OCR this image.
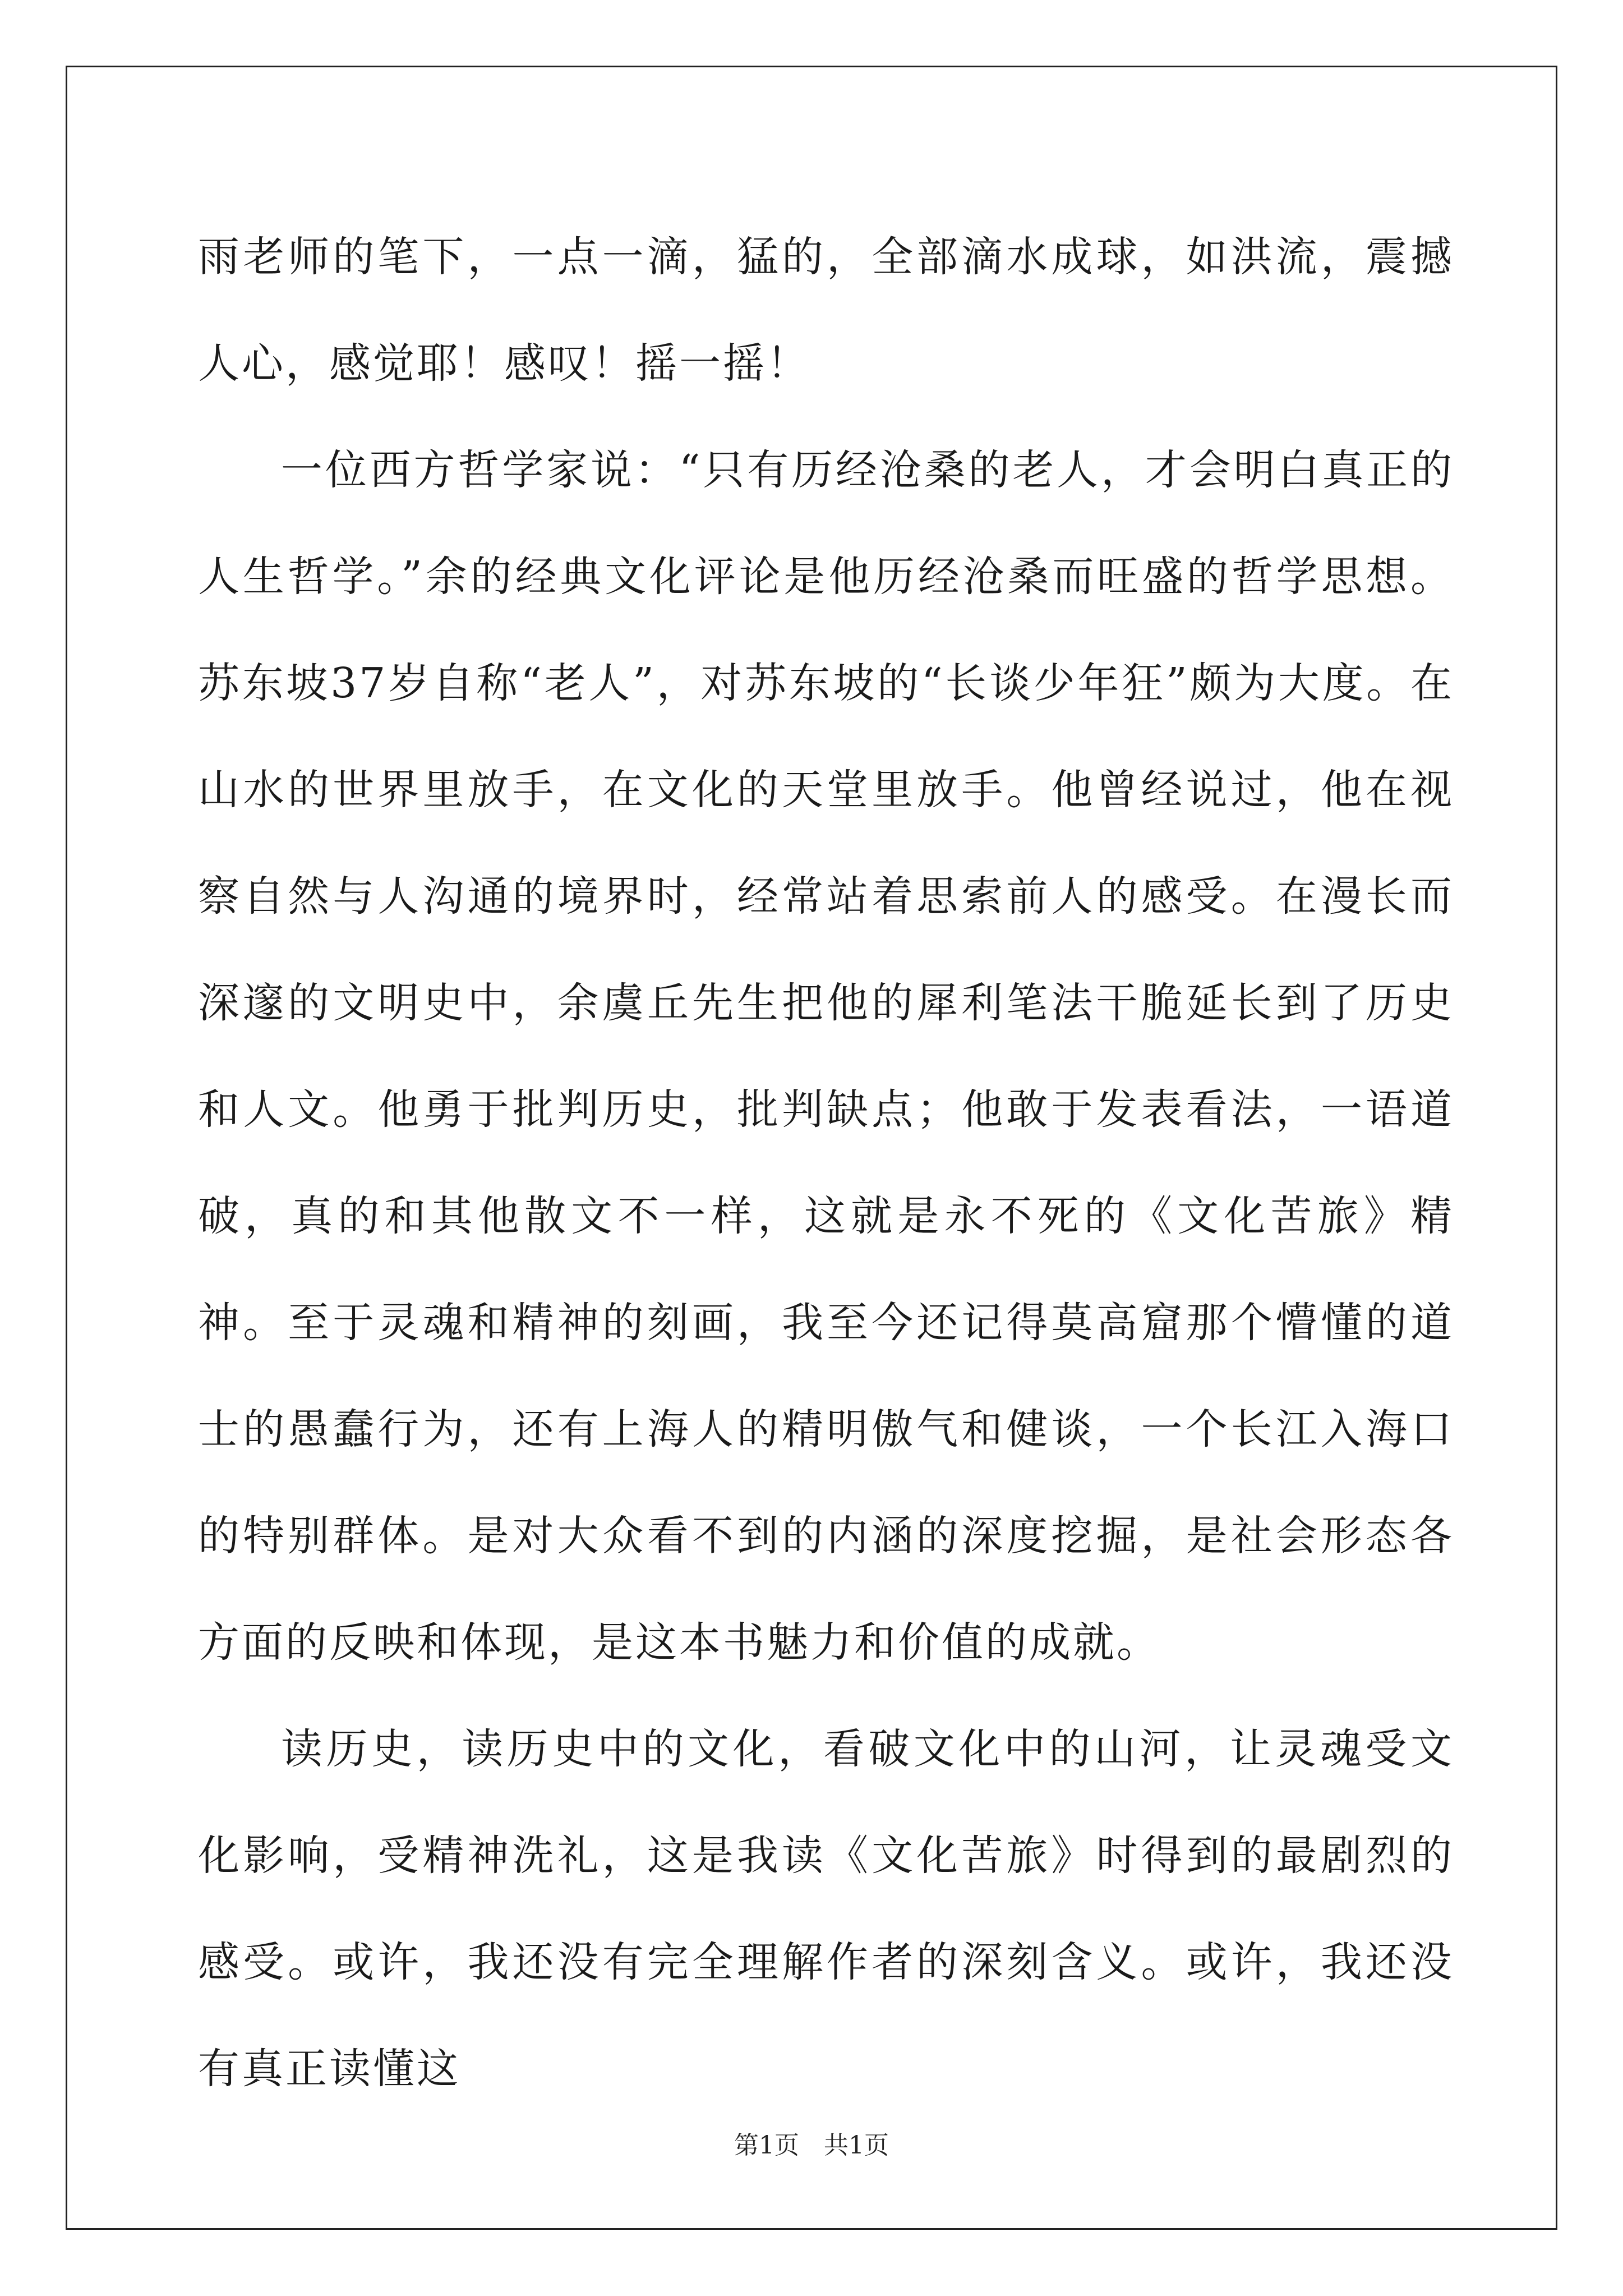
雨老师的笔下，一点一滴，猛的，全部滴水成球，如洪流，震撼人心，感觉耶！感叹！摇一摇！

一位西方哲学家说：“只有历经沧桑的老人，才会明白真正的人生哲学。”余的经典文化评论是他历经沧桑而旺盛的哲学思想。苏东坡37岁自称“老人”，对苏东坡的“长谈少年狂”颇为大度。在山水的世界里放手，在文化的天堂里放手。他曾经说过，他在视察自然与人沟通的境界时，经常站着思索前人的感受。在漫长而深邃的文明史中，余虞丘先生把他的犀利笔法干脆延长到了历史和人文。他勇于批判历史，批判缺点；他敢于发表看法，一语道破，真的和其他散文不一样，这就是永不死的《文化苦旅》精神。至于灵魂和精神的刻画，我至今还记得莫高窟那个懵懂的道士的愚蠢行为，还有上海人的精明傲气和健谈，一个长江入海口的特别群体。是对大众看不到的内涵的深度挖掘，是社会形态各方面的反映和体现，是这本书魅力和价值的成就。

读历史，读历史中的文化，看破文化中的山河，让灵魂受文化影响，受精神洗礼，这是我读《文化苦旅》时得到的最剧烈的感受。或许，我还没有完全理解作者的深刻含义。或许，我还没有真正读懂这

第1页 共1页
